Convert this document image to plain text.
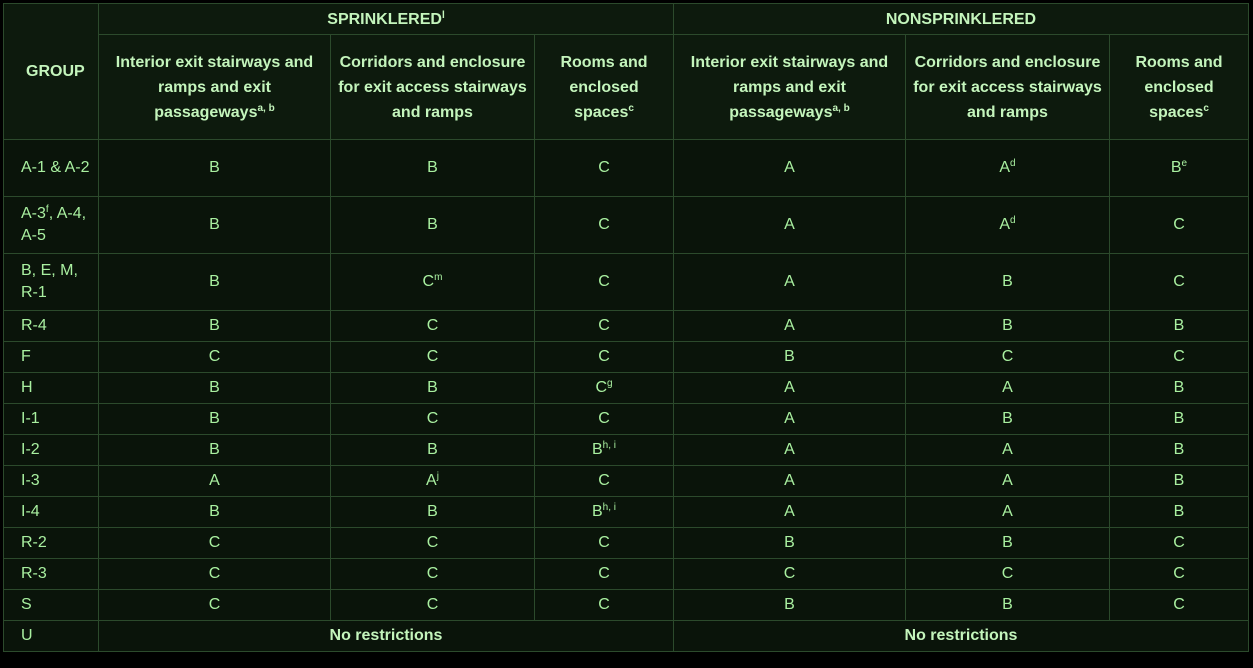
GROUP	SPRINKLERED$^l$			NONSPRINKLERED		
	Interior exit stairways and ramps and exit passageways$^{a, b}$	Corridors and enclosure for exit access stairways and ramps	Rooms and enclosed spaces$^c$	Interior exit stairways and ramps and exit passageways$^{a, b}$	Corridors and enclosure for exit access stairways and ramps	Rooms and enclosed spaces$^c$
A-1 & A-2	B	B	C	A	$A^d$	$B^e$
A-3$^f$, A-4, A-5	B	B	C	A	$A^d$	C
B, E, M, R-1	B	$C^m$	C	A	B	C
R-4	B	C	C	A	B	B
F	C	C	C	B	C	C
H	B	B	$C^g$	A	A	B
I-1	B	C	C	A	B	B
I-2	B	B	B$^{h, i}$	A	A	B
I-3	A	$A^j$	C	A	A	B
I-4	B	B	B$^{h, i}$	A	A	B
R-2	C	C	C	B	B	C
R-3	C	C	C	C	C	C
S	C	C	C	B	B	C
U	No restrictions			No restrictions		
